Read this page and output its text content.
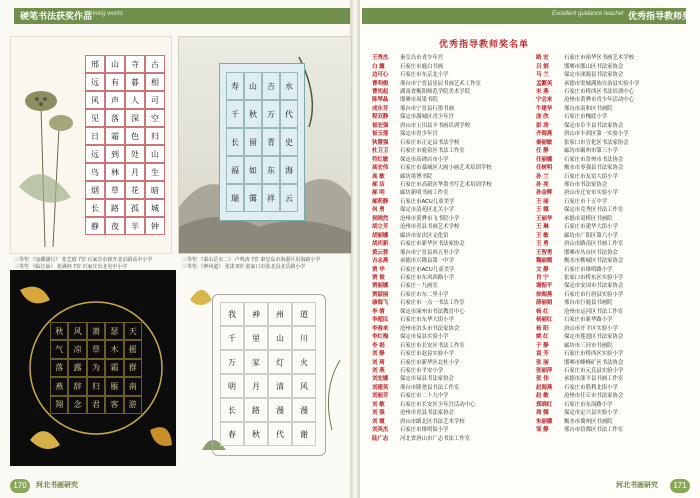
硬笔书法获奖作品
Winning works	Excellent guidance teacher 优秀指导教师奖
邢	山	寺	古
远	有	暮	相
风	声	人	可
见	落	深	空
日	霜	色	归
远	到	处	山
鸟	林	月	生
烟	草	花	暗
长	路	孤	城
静	夜	半	钟
三等奖 《寇藏骚行》 张艺晗 7岁 石家庄市新开北京路高中小学
寿	山	吉	水
千	秋	万	代
长	留	青	史
福	如	东	海
瑞	霭	祥	云
三等奖 《秦山岳水二》 卢鸣涛 7岁 秦皇岛市海港区沿海路小学
三等奖 《临江仙》 张满林 7岁 石家庄市北屯中小学	三等奖 《神州道》 张诺 8岁 张家口市张北县北岳路小学
秋	风	萧	瑟	天
气	凉	草	木	摇
落	露	为	霜	群
燕	辞	归	雁	南
翔	念	君	客	游
我	神	州	道
千	里	山	川
万	家	灯	火
明	月	清	风
长	路	漫	漫
春	秋	代	谢
优秀指导教师奖名单
王秀杰	秦皇岛市青少年宫
白 露	石家庄市鹿白书画
边可心	石家庄市东京北小学
曹利俊	邢台市宁晋县星辰书画艺术工作室
曹宪起	湖南省衡阳师范学院美术学院
陈琴晶	邯郸市周墨书院
成东芳	邢台市宁晋县行墨书画
程双静	保定市满城区青少年宫
崔宏强	唐山市玉田县丰书画培训学校
崔玉莲	保定市青少年宫
狄慧强	石家庄市正定县书法学校
杜卫卫	石家庄市鹿泉区书法工作室
符红敏	保定市高碑店市小学
高宏伟	石家庄市藁城区大画小画艺术培训学校
高 敏	廊坊墨博书院
郝 洁	石家庄市高新区华墨书写艺术培训学校
郝 明	廊坊新明书画工作室
郝莉静	石家庄市ACU儿童美学
何 勇	保定市清苑区北关小学
侯晓然	沧州市黄骅市飞书院小学
胡立芳	沧州市青县书画艺术学校
胡丽娜	廊坊市安次区文化馆
胡庆新	石家庄市新华区书法家协会
黄云蓉	邢台市宁晋县西五里小学
吉志燕	承德市兴隆县第一中学
贾 华	石家庄市ACU儿童美学
贾 俊	石家庄市东风西路小学
贾丽娜	石家庄一九画室
贾淑丽	石家庄市东二里小学
康海飞	石家庄市一点一书法工作室
李 倩	保定市涿州市书法教育中心
李超民	石家庄市东华大街小学
李春来	沧州市泊头市书法家协会
李红梅	保定市易县实验小学
李 娟	石家庄市长安区书法工作室
刘 静	石家庄市赵县实验小学
刘 琦	石家庄市新华区北杜小学
刘 燕	石家庄市平安小学
刘宏娜	保定市易县书法家协会
刘建英	邢台市隆尧县书法工作室
刘丽芳	石家庄市二十九中学
刘 敏	石家庄市长安区少年宫活动中心
刘 强	沧州市青县书法家协会
刘 霞	唐山市路北区书法艺术学校
刘英杰	石家庄市维明街小学
陆广志	河北省唐山市广志书法工作室
路 宏	石家庄市裕华区书画艺术学校
吕 娟	邯郸市邯山区书法家协会
马 兰	保定市涞源县书法家协会
孟繁英	承德市宽城满族自治县实验小学
米 燕	石家庄市桥西区书法培训中心
宁会来	沧州市黄骅市青少年活动中心
牛建华	邢台市南和区书画院
庞 欣	石家庄市槐底小学
彭 涛	保定市阜平县书法家协会
齐海燕	唐山市丰润区第一实验小学
秦丽敏	张家口市宣化区书法家协会
任 静	廊坊市霸州市第三小学
任丽娜	石家庄市晋州市书法协会
任树明	衡水市枣强县书法家协会
孙 兰	石家庄市友谊大街小学
孙 亮	邢台市书法家协会
孙金辉	唐山市迁安市实验小学
王 丽	石家庄市十五中学
王 娜	保定市竞秀区书法工作室
王丽华	承德市双桥区书画院
王 琳	石家庄市建华大街小学
王 敏	廊坊市广阳区第六小学
王 勇	唐山市路南区书画工作室
王智勇	邯郸市丛台区书法协会
魏丽霞	衡水市桃城区书法家协会
文 静	石家庄市维明路小学
肖 宁	张家口市桥东区实验小学
谢振平	保定市安国市书法家协会
徐海燕	石家庄市行唐县实验小学
薛丽娟	邢台市巨鹿县书画院
杨 红	沧州市运河区书法工作室
杨丽红	石家庄市新华路小学
杨 阳	唐山市开平区实验小学
姚 红	保定市莲池区书法家协会
于 静	廊坊市三河市书画院
袁 芳	石家庄市桥西区实验小学
张 丽	邯郸市峰峰矿区书法协会
张丽萍	石家庄市元氏县实验小学
张 伟	承德市滦平县书画工作室
赵海燕	石家庄市胜利北街小学
赵 敏	沧州市任丘市书法家协会
郑晓红	石家庄市东岗路小学
周 娜	保定市定兴县实验小学
朱丽娜	衡水市冀州区书画院
邹 静	邢台市信都区书法工作室
170	河北书画研究	河北书画研究	171
